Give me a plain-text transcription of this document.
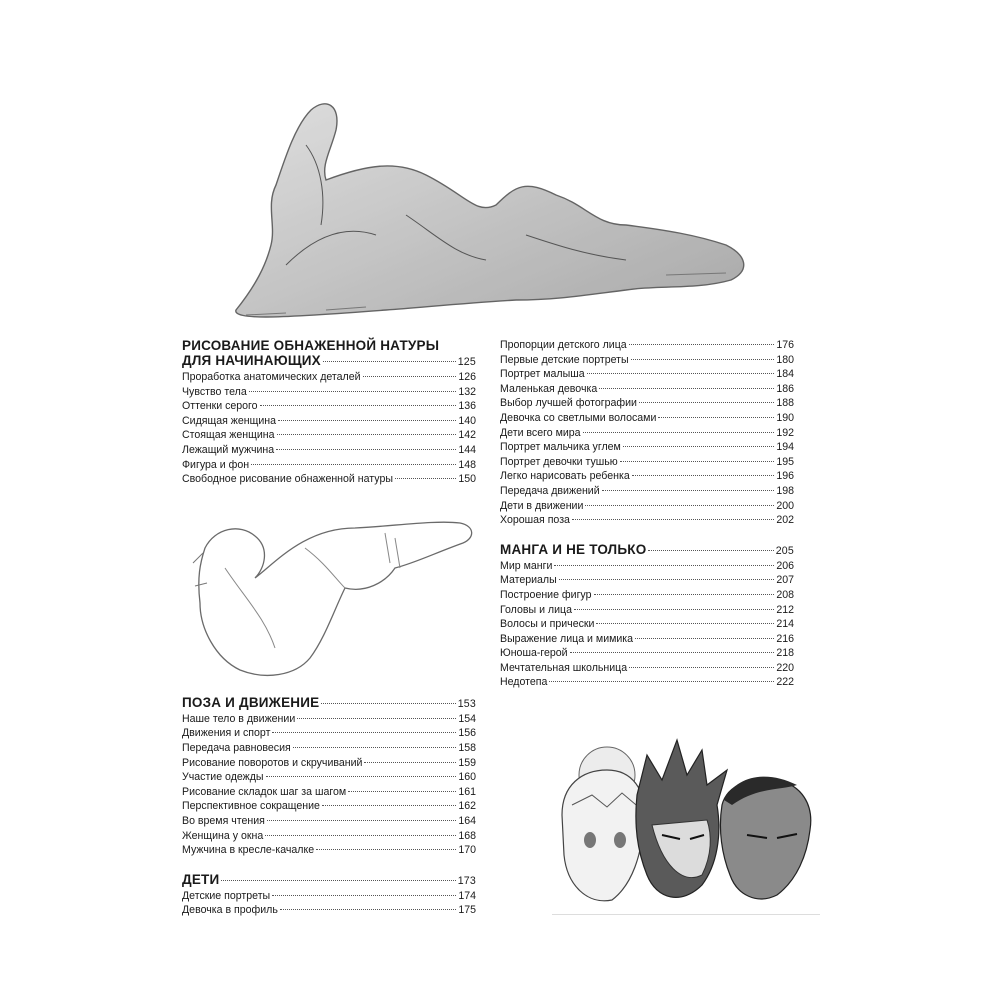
РИСОВАНИЕ ОБНАЖЕННОЙ НАТУРЫ
ДЛЯ НАЧИНАЮЩИХ	125
Проработка анатомических деталей	126
Чувство тела	132
Оттенки серого	136
Сидящая женщина	140
Стоящая женщина	142
Лежащий мужчина	144
Фигура и фон	148
Свободное рисование обнаженной натуры	150
ПОЗА И ДВИЖЕНИЕ	153
Наше тело в движении	154
Движения и спорт	156
Передача равновесия	158
Рисование поворотов и скручиваний	159
Участие одежды	160
Рисование складок шаг за шагом	161
Перспективное сокращение	162
Во время чтения	164
Женщина у окна	168
Мужчина в кресле-качалке	170
ДЕТИ	173
Детские портреты	174
Девочка в профиль	175
Пропорции детского лица	176
Первые детские портреты	180
Портрет малыша	184
Маленькая девочка	186
Выбор лучшей фотографии	188
Девочка со светлыми волосами	190
Дети всего мира	192
Портрет мальчика углем	194
Портрет девочки тушью	195
Легко нарисовать ребенка	196
Передача движений	198
Дети в движении	200
Хорошая поза	202
МАНГА И НЕ ТОЛЬКО	205
Мир манги	206
Материалы	207
Построение фигур	208
Головы и лица	212
Волосы и прически	214
Выражение лица и мимика	216
Юноша-герой	218
Мечтательная школьница	220
Недотепа	222
